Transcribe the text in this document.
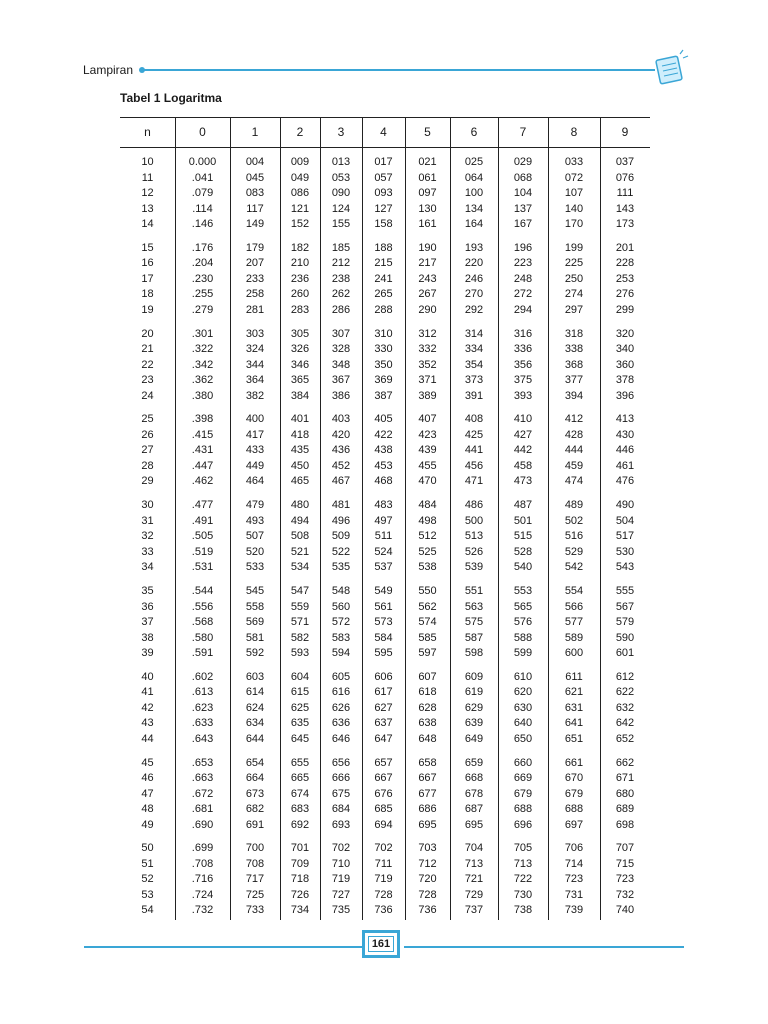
Lampiran
Tabel 1 Logaritma
n	0	1	2	3	4	5	6	7	8	9
10	0.000	004	009	013	017	021	025	029	033	037
11	.041	045	049	053	057	061	064	068	072	076
12	.079	083	086	090	093	097	100	104	107	111
13	.114	117	121	124	127	130	134	137	140	143
14	.146	149	152	155	158	161	164	167	170	173
15	.176	179	182	185	188	190	193	196	199	201
16	.204	207	210	212	215	217	220	223	225	228
17	.230	233	236	238	241	243	246	248	250	253
18	.255	258	260	262	265	267	270	272	274	276
19	.279	281	283	286	288	290	292	294	297	299
20	.301	303	305	307	310	312	314	316	318	320
21	.322	324	326	328	330	332	334	336	338	340
22	.342	344	346	348	350	352	354	356	368	360
23	.362	364	365	367	369	371	373	375	377	378
24	.380	382	384	386	387	389	391	393	394	396
25	.398	400	401	403	405	407	408	410	412	413
26	.415	417	418	420	422	423	425	427	428	430
27	.431	433	435	436	438	439	441	442	444	446
28	.447	449	450	452	453	455	456	458	459	461
29	.462	464	465	467	468	470	471	473	474	476
30	.477	479	480	481	483	484	486	487	489	490
31	.491	493	494	496	497	498	500	501	502	504
32	.505	507	508	509	511	512	513	515	516	517
33	.519	520	521	522	524	525	526	528	529	530
34	.531	533	534	535	537	538	539	540	542	543
35	.544	545	547	548	549	550	551	553	554	555
36	.556	558	559	560	561	562	563	565	566	567
37	.568	569	571	572	573	574	575	576	577	579
38	.580	581	582	583	584	585	587	588	589	590
39	.591	592	593	594	595	597	598	599	600	601
40	.602	603	604	605	606	607	609	610	611	612
41	.613	614	615	616	617	618	619	620	621	622
42	.623	624	625	626	627	628	629	630	631	632
43	.633	634	635	636	637	638	639	640	641	642
44	.643	644	645	646	647	648	649	650	651	652
45	.653	654	655	656	657	658	659	660	661	662
46	.663	664	665	666	667	667	668	669	670	671
47	.672	673	674	675	676	677	678	679	679	680
48	.681	682	683	684	685	686	687	688	688	689
49	.690	691	692	693	694	695	695	696	697	698
50	.699	700	701	702	702	703	704	705	706	707
51	.708	708	709	710	711	712	713	713	714	715
52	.716	717	718	719	719	720	721	722	723	723
53	.724	725	726	727	728	728	729	730	731	732
54	.732	733	734	735	736	736	737	738	739	740
161
